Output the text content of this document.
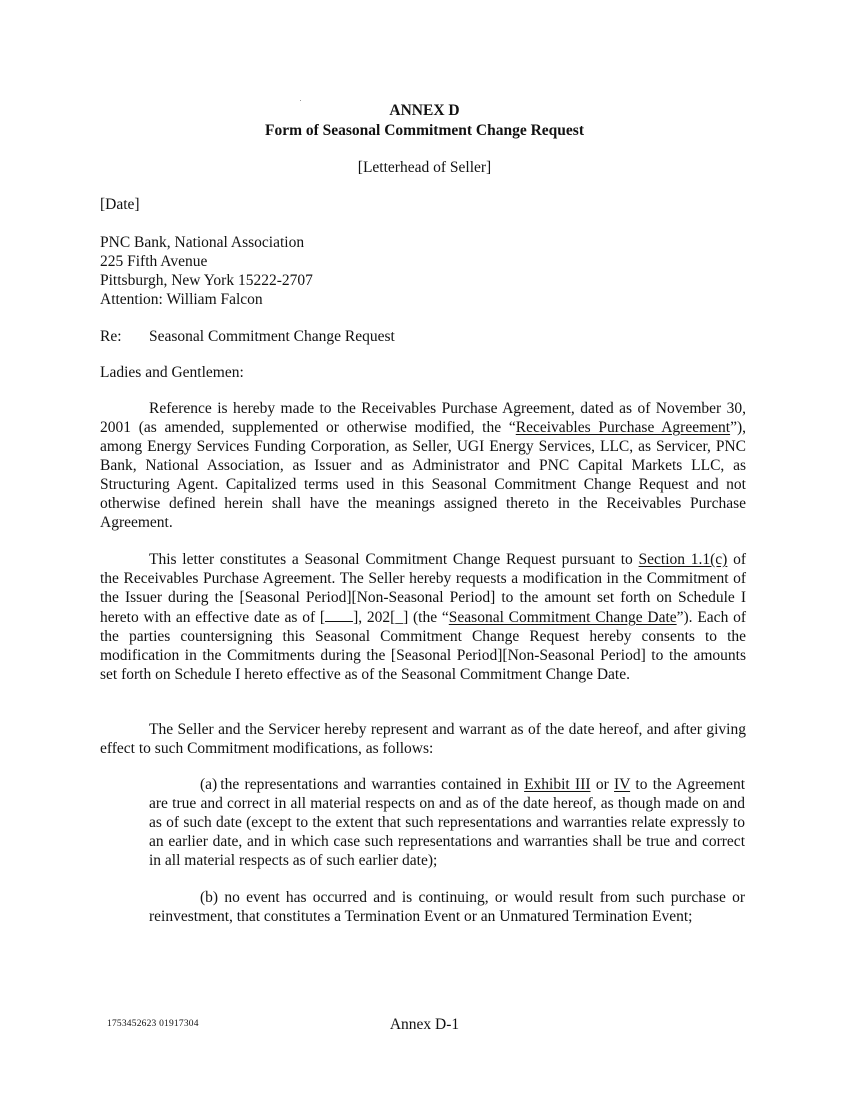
ANNEX D
Form of Seasonal Commitment Change Request
[Letterhead of Seller]
[Date]
PNC Bank, National Association
225 Fifth Avenue
Pittsburgh, New York 15222-2707
Attention: William Falcon
Re: Seasonal Commitment Change Request
Ladies and Gentlemen:
Reference is hereby made to the Receivables Purchase Agreement, dated as of November 30, 2001 (as amended, supplemented or otherwise modified, the “Receivables Purchase Agreement”), among Energy Services Funding Corporation, as Seller, UGI Energy Services, LLC, as Servicer, PNC Bank, National Association, as Issuer and as Administrator and PNC Capital Markets LLC, as Structuring Agent. Capitalized terms used in this Seasonal Commitment Change Request and not otherwise defined herein shall have the meanings assigned thereto in the Receivables Purchase Agreement.
This letter constitutes a Seasonal Commitment Change Request pursuant to Section 1.1(c) of the Receivables Purchase Agreement. The Seller hereby requests a modification in the Commitment of the Issuer during the [Seasonal Period][Non-Seasonal Period] to the amount set forth on Schedule I hereto with an effective date as of [ ], 202[_] (the “Seasonal Commitment Change Date”). Each of the parties countersigning this Seasonal Commitment Change Request hereby consents to the modification in the Commitments during the [Seasonal Period][Non-Seasonal Period] to the amounts set forth on Schedule I hereto effective as of the Seasonal Commitment Change Date.
The Seller and the Servicer hereby represent and warrant as of the date hereof, and after giving effect to such Commitment modifications, as follows:
(a) the representations and warranties contained in Exhibit III or IV to the Agreement are true and correct in all material respects on and as of the date hereof, as though made on and as of such date (except to the extent that such representations and warranties relate expressly to an earlier date, and in which case such representations and warranties shall be true and correct in all material respects as of such earlier date);
(b) no event has occurred and is continuing, or would result from such purchase or reinvestment, that constitutes a Termination Event or an Unmatured Termination Event;
1753452623 01917304	Annex D-1
